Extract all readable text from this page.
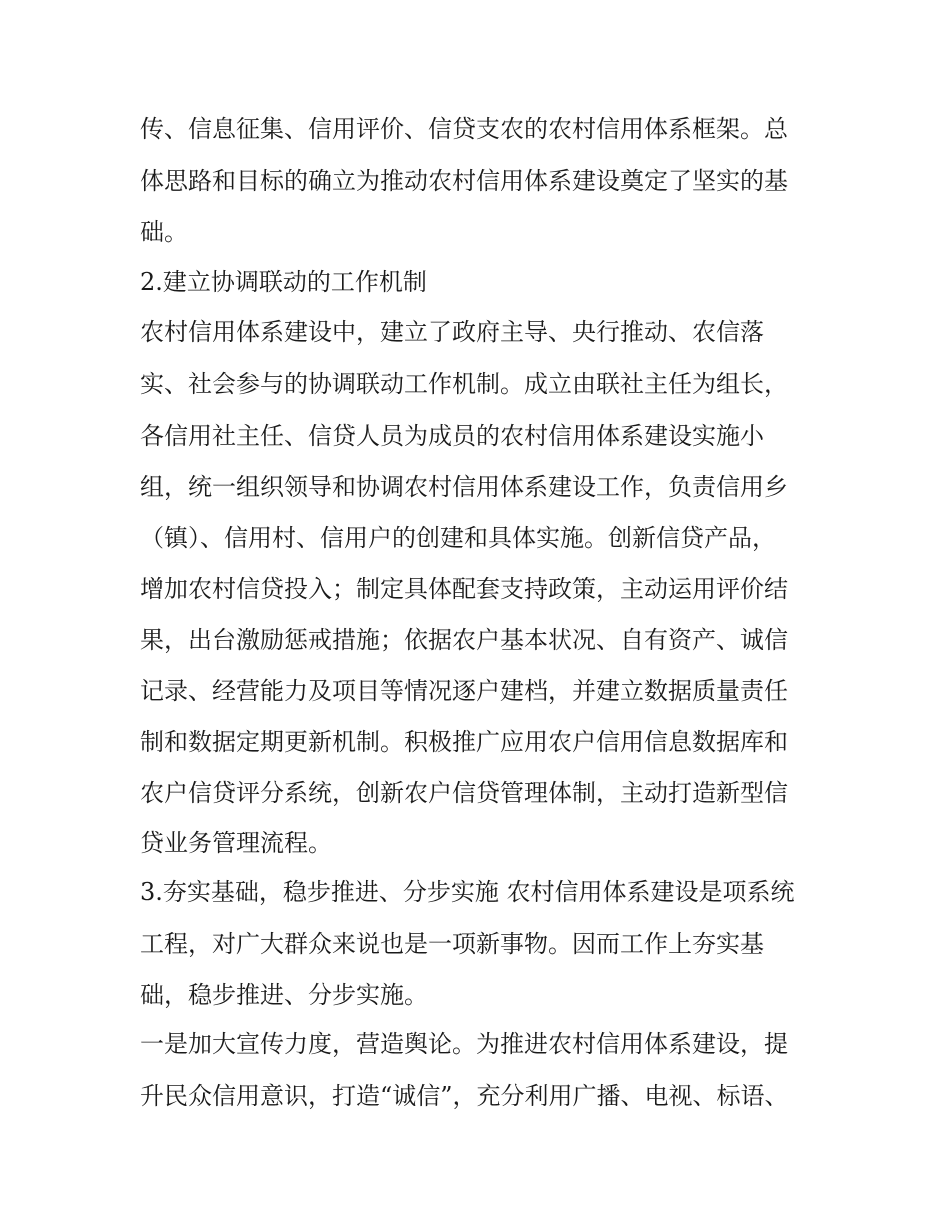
传、信息征集、信用评价、信贷支农的农村信用体系框架。总
体思路和目标的确立为推动农村信用体系建设奠定了坚实的基
础。
2.建立协调联动的工作机制
农村信用体系建设中，建立了政府主导、央行推动、农信落
实、社会参与的协调联动工作机制。成立由联社主任为组长，
各信用社主任、信贷人员为成员的农村信用体系建设实施小
组，统一组织领导和协调农村信用体系建设工作，负责信用乡
（镇）、信用村、信用户的创建和具体实施。创新信贷产品，
增加农村信贷投入；制定具体配套支持政策，主动运用评价结
果，出台激励惩戒措施；依据农户基本状况、自有资产、诚信
记录、经营能力及项目等情况逐户建档，并建立数据质量责任
制和数据定期更新机制。积极推广应用农户信用信息数据库和
农户信贷评分系统，创新农户信贷管理体制，主动打造新型信
贷业务管理流程。
3.夯实基础，稳步推进、分步实施 农村信用体系建设是项系统
工程，对广大群众来说也是一项新事物。因而工作上夯实基
础，稳步推进、分步实施。
一是加大宣传力度，营造舆论。为推进农村信用体系建设，提
升民众信用意识，打造“诚信”，充分利用广播、电视、标语、
